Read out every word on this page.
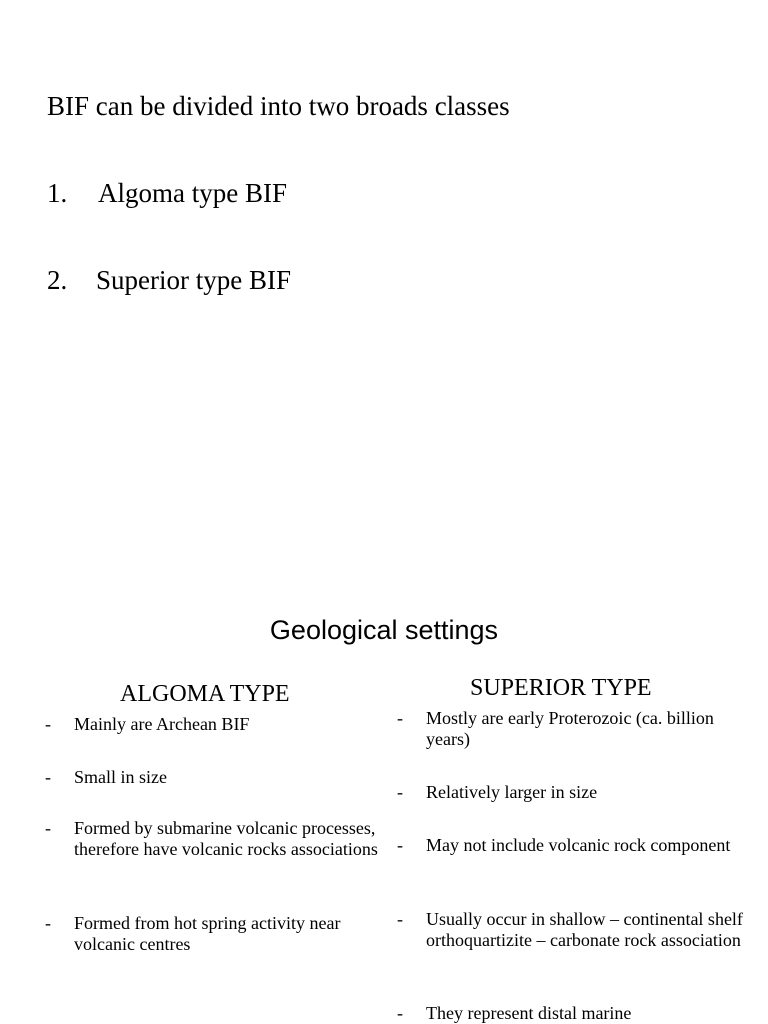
BIF can be divided into two broads classes
1. Algoma type BIF
2. Superior type BIF
Geological settings
ALGOMA TYPE	SUPERIOR TYPE
- Mainly are Archean BIF
- Small in size
- Formed by submarine volcanic processes, therefore have volcanic rocks associations
- Formed from hot spring activity near volcanic centres
- Mostly are early Proterozoic (ca. billion years)
- Relatively larger in size
- May not include volcanic rock component
- Usually occur in shallow – continental shelf orthoquartizite – carbonate rock association
- They represent distal marine
